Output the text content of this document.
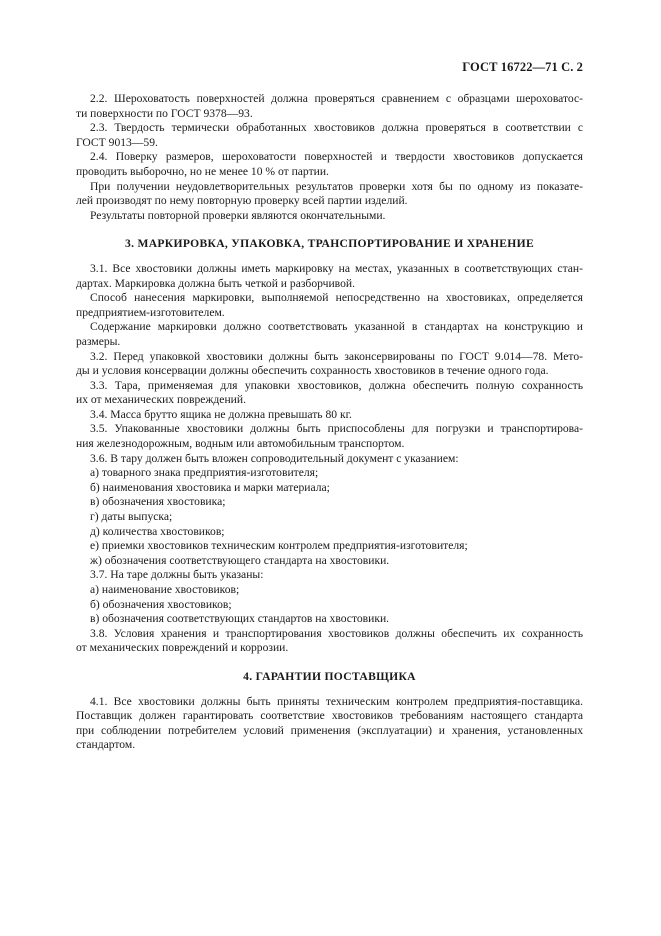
ГОСТ 16722—71 С. 2
2.2. Шероховатость поверхностей должна проверяться сравнением с образцами шероховатос-
ти поверхности по ГОСТ 9378—93.
2.3. Твердость термически обработанных хвостовиков должна проверяться в соответствии с
ГОСТ 9013—59.
2.4. Поверку размеров, шероховатости поверхностей и твердости хвостовиков допускается
проводить выборочно, но не менее 10 % от партии.
При получении неудовлетворительных результатов проверки хотя бы по одному из показате-
лей производят по нему повторную проверку всей партии изделий.
Результаты повторной проверки являются окончательными.
3. МАРКИРОВКА, УПАКОВКА, ТРАНСПОРТИРОВАНИЕ И ХРАНЕНИЕ
3.1. Все хвостовики должны иметь маркировку на местах, указанных в соответствующих стан-
дартах. Маркировка должна быть четкой и разборчивой.
Способ нанесения маркировки, выполняемой непосредственно на хвостовиках, определяется
предприятием-изготовителем.
Содержание маркировки должно соответствовать указанной в стандартах на конструкцию и
размеры.
3.2. Перед упаковкой хвостовики должны быть законсервированы по ГОСТ 9.014—78. Мето-
ды и условия консервации должны обеспечить сохранность хвостовиков в течение одного года.
3.3. Тара, применяемая для упаковки хвостовиков, должна обеспечить полную сохранность
их от механических повреждений.
3.4. Масса брутто ящика не должна превышать 80 кг.
3.5. Упакованные хвостовики должны быть приспособлены для погрузки и транспортирова-
ния железнодорожным, водным или автомобильным транспортом.
3.6. В тару должен быть вложен сопроводительный документ с указанием:
а) товарного знака предприятия-изготовителя;
б) наименования хвостовика и марки материала;
в) обозначения хвостовика;
г) даты выпуска;
д) количества хвостовиков;
е) приемки хвостовиков техническим контролем предприятия-изготовителя;
ж) обозначения соответствующего стандарта на хвостовики.
3.7. На таре должны быть указаны:
а) наименование хвостовиков;
б) обозначения хвостовиков;
в) обозначения соответствующих стандартов на хвостовики.
3.8. Условия хранения и транспортирования хвостовиков должны обеспечить их сохранность
от механических повреждений и коррозии.
4. ГАРАНТИИ ПОСТАВЩИКА
4.1. Все хвостовики должны быть приняты техническим контролем предприятия-поставщика.
Поставщик должен гарантировать соответствие хвостовиков требованиям настоящего стандарта
при соблюдении потребителем условий применения (эксплуатации) и хранения, установленных
стандартом.
